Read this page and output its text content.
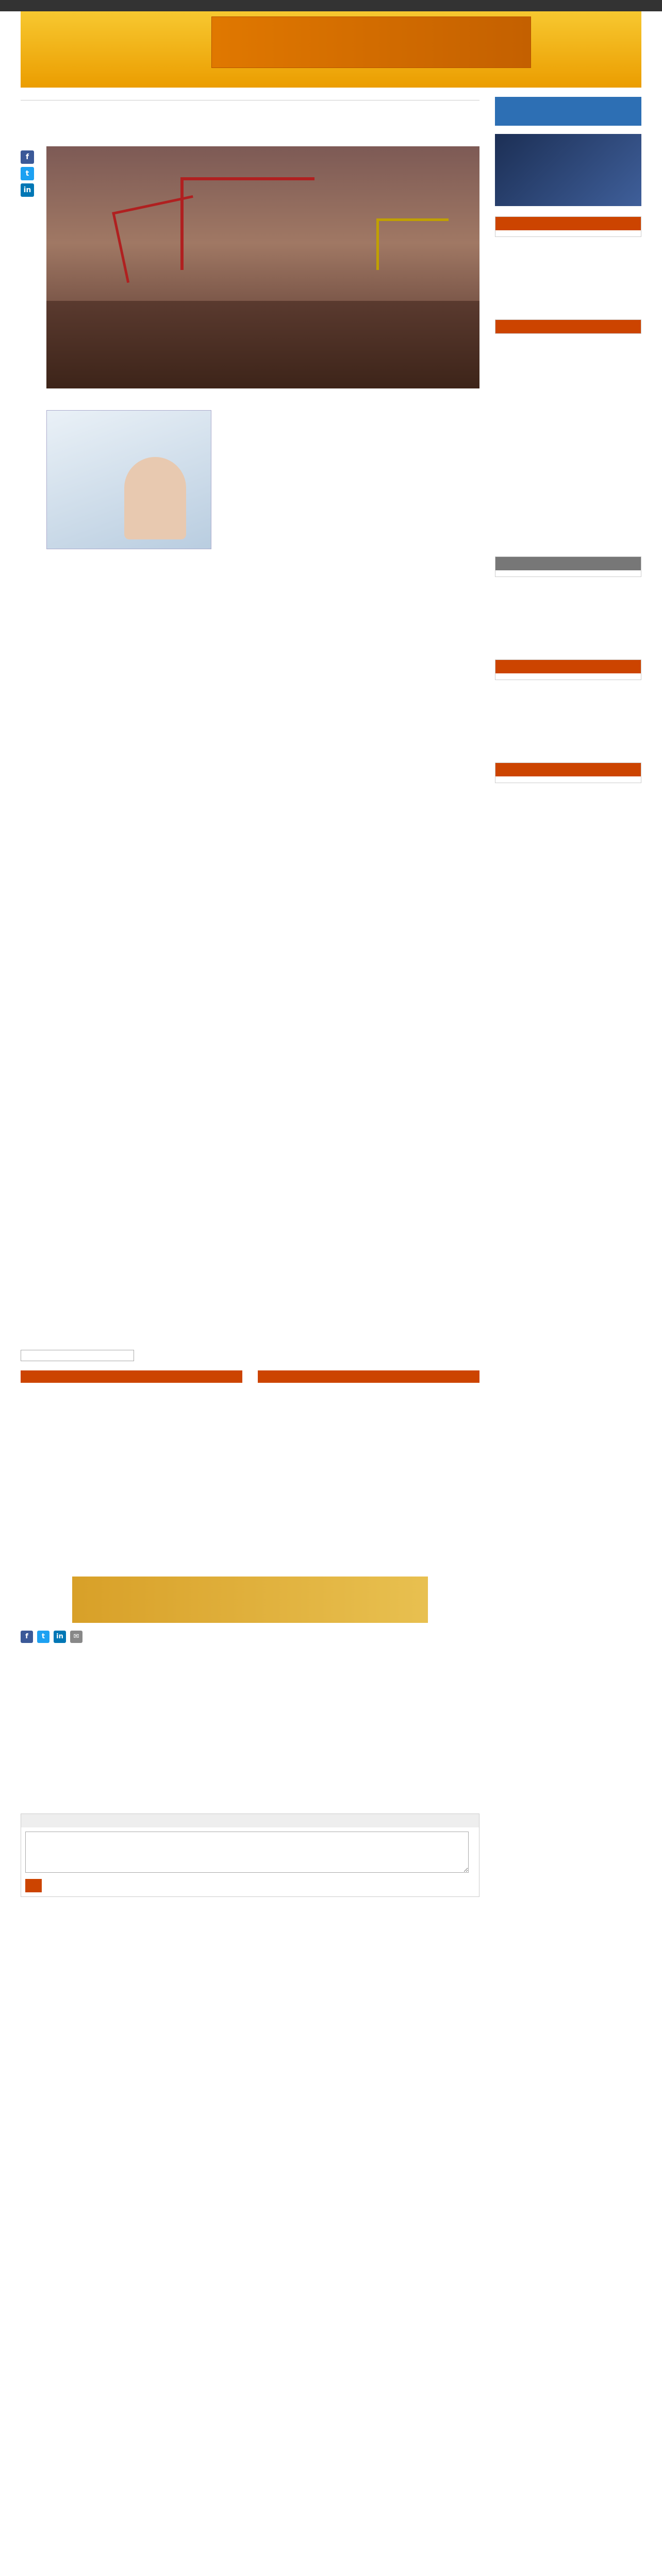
f
t
in
f	t	in	✉
